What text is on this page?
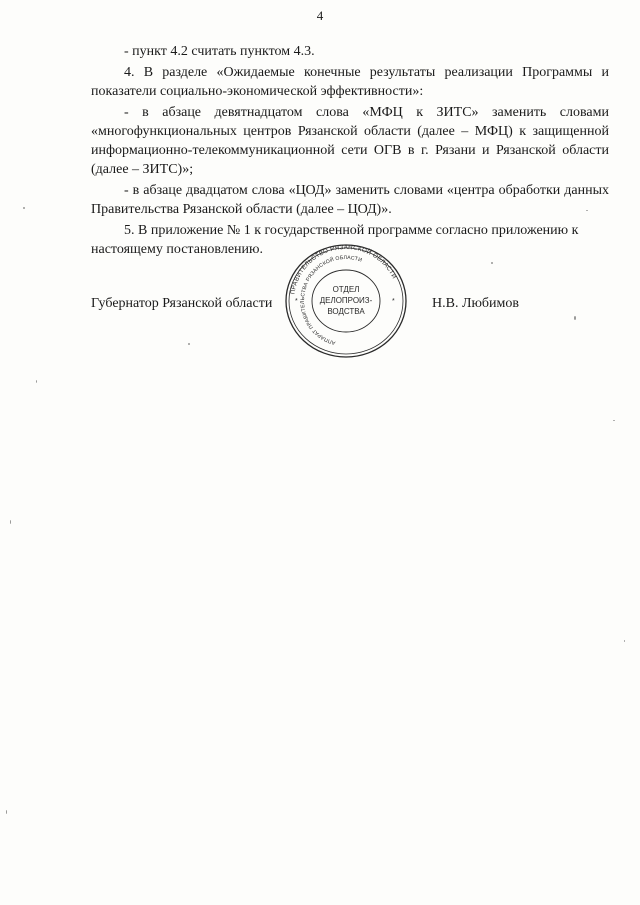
4

- пункт 4.2 считать пунктом 4.3.

4. В разделе «Ожидаемые конечные результаты реализации Программы и показатели социально-экономической эффективности»:

- в абзаце девятнадцатом слова «МФЦ к ЗИТС» заменить словами «многофункциональных центров Рязанской области (далее – МФЦ) к защищенной информационно-телекоммуникационной сети ОГВ в г. Рязани и Рязанской области (далее – ЗИТС)»;

- в абзаце двадцатом слова «ЦОД» заменить словами «центра обработки данных Правительства Рязанской области (далее – ЦОД)».

5. В приложение № 1 к государственной программе согласно приложению к настоящему постановлению.

ПРАВИТЕЛЬСТВО РЯЗАНСКОЙ ОБЛАСТИ
АППАРАТ ПРАВИТЕЛЬСТВА РЯЗАНСКОЙ ОБЛАСТИ
*	*
ОТДЕЛ
ДЕЛОПРОИЗ-
ВОДСТВА
Губернатор Рязанской области	Н.В. Любимов
